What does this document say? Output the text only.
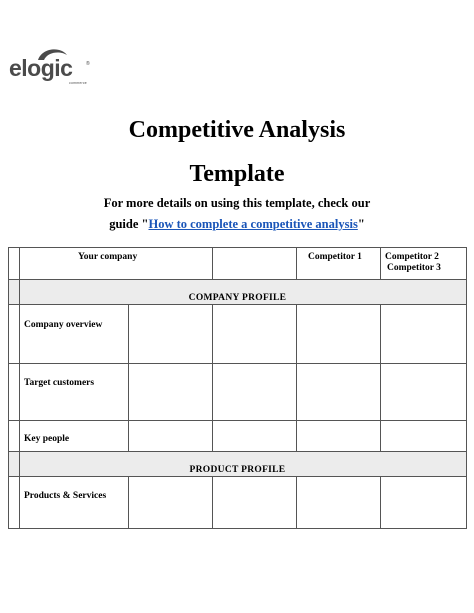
elogic	®
commerce
Competitive Analysis
Template
For more details on using this template, check our
guide "How to complete a competitive analysis"
Your company	Competitor 1 Competitor 2
Competitor 3
COMPANY PROFILE
Company overview
Target customers
Key people
PRODUCT PROFILE
Products & Services
